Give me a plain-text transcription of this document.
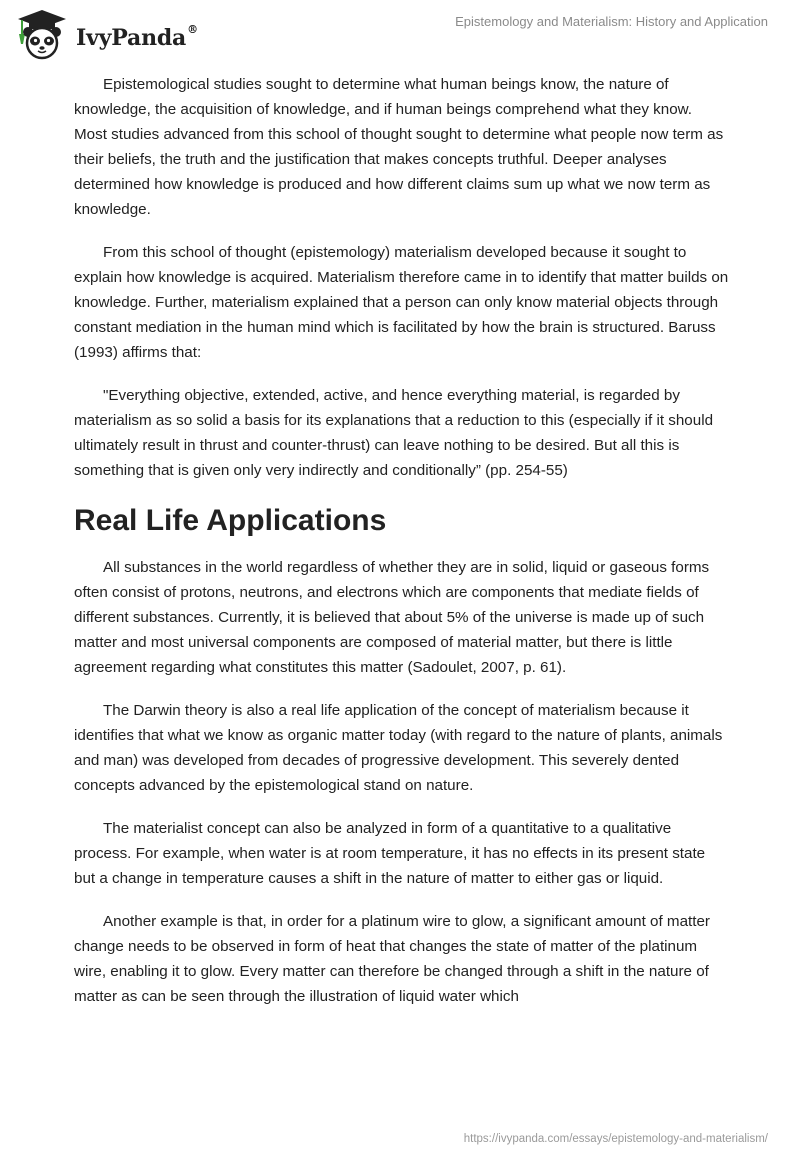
IvyPanda®
Epistemology and Materialism: History and Application

Epistemological studies sought to determine what human beings know, the nature of knowledge, the acquisition of knowledge, and if human beings comprehend what they know. Most studies advanced from this school of thought sought to determine what people now term as their beliefs, the truth and the justification that makes concepts truthful. Deeper analyses determined how knowledge is produced and how different claims sum up what we now term as knowledge.

From this school of thought (epistemology) materialism developed because it sought to explain how knowledge is acquired. Materialism therefore came in to identify that matter builds on knowledge. Further, materialism explained that a person can only know material objects through constant mediation in the human mind which is facilitated by how the brain is structured. Baruss (1993) affirms that:

"Everything objective, extended, active, and hence everything material, is regarded by materialism as so solid a basis for its explanations that a reduction to this (especially if it should ultimately result in thrust and counter-thrust) can leave nothing to be desired. But all this is something that is given only very indirectly and conditionally” (pp. 254-55)

Real Life Applications

All substances in the world regardless of whether they are in solid, liquid or gaseous forms often consist of protons, neutrons, and electrons which are components that mediate fields of different substances. Currently, it is believed that about 5% of the universe is made up of such matter and most universal components are composed of material matter, but there is little agreement regarding what constitutes this matter (Sadoulet, 2007, p. 61).

The Darwin theory is also a real life application of the concept of materialism because it identifies that what we know as organic matter today (with regard to the nature of plants, animals and man) was developed from decades of progressive development. This severely dented concepts advanced by the epistemological stand on nature.

The materialist concept can also be analyzed in form of a quantitative to a qualitative process. For example, when water is at room temperature, it has no effects in its present state but a change in temperature causes a shift in the nature of matter to either gas or liquid.

Another example is that, in order for a platinum wire to glow, a significant amount of matter change needs to be observed in form of heat that changes the state of matter of the platinum wire, enabling it to glow. Every matter can therefore be changed through a shift in the nature of matter as can be seen through the illustration of liquid water which

https://ivypanda.com/essays/epistemology-and-materialism/
